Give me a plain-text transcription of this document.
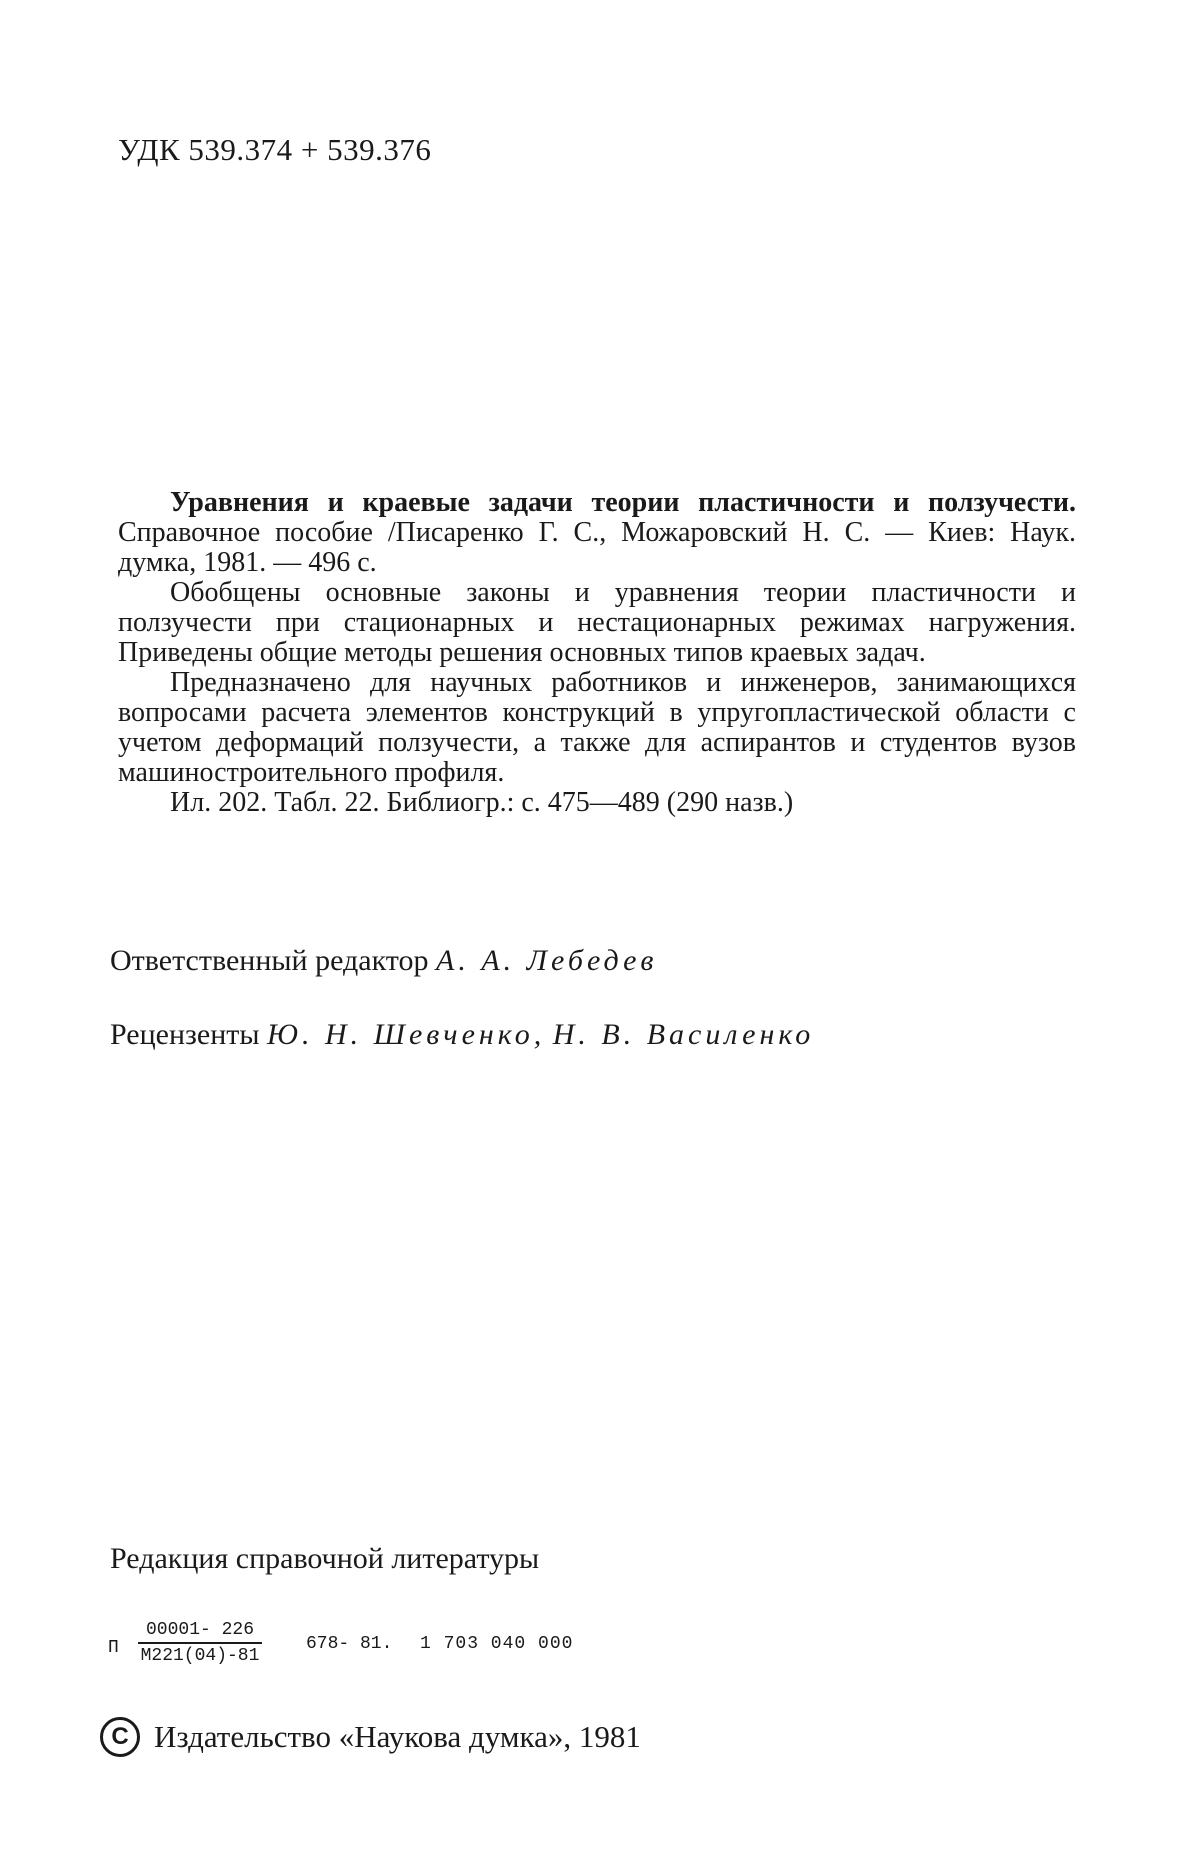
УДК 539.374 + 539.376

Уравнения и краевые задачи теории пластичности и ползучести. Справочное пособие /Писаренко Г. С., Можаровский Н. С. — Киев: Наук. думка, 1981. — 496 с.

Обобщены основные законы и уравнения теории пластичности и ползучести при стационарных и нестационарных режимах нагружения. Приведены общие методы решения основных типов краевых задач.

Предназначено для научных работников и инженеров, занимающихся вопросами расчета элементов конструкций в упругопластической области с учетом деформаций ползучести, а также для аспирантов и студентов вузов машиностроительного профиля.

Ил. 202. Табл. 22. Библиогр.: с. 475—489 (290 назв.)

Ответственный редактор А. А. Лебедев
Рецензенты Ю. Н. Шевченко, Н. В. Василенко
Редакция справочной литературы
П
00001- 226
М221(04)-81
678- 81. 1 703 040 000
C Издательство «Наукова думка», 1981
